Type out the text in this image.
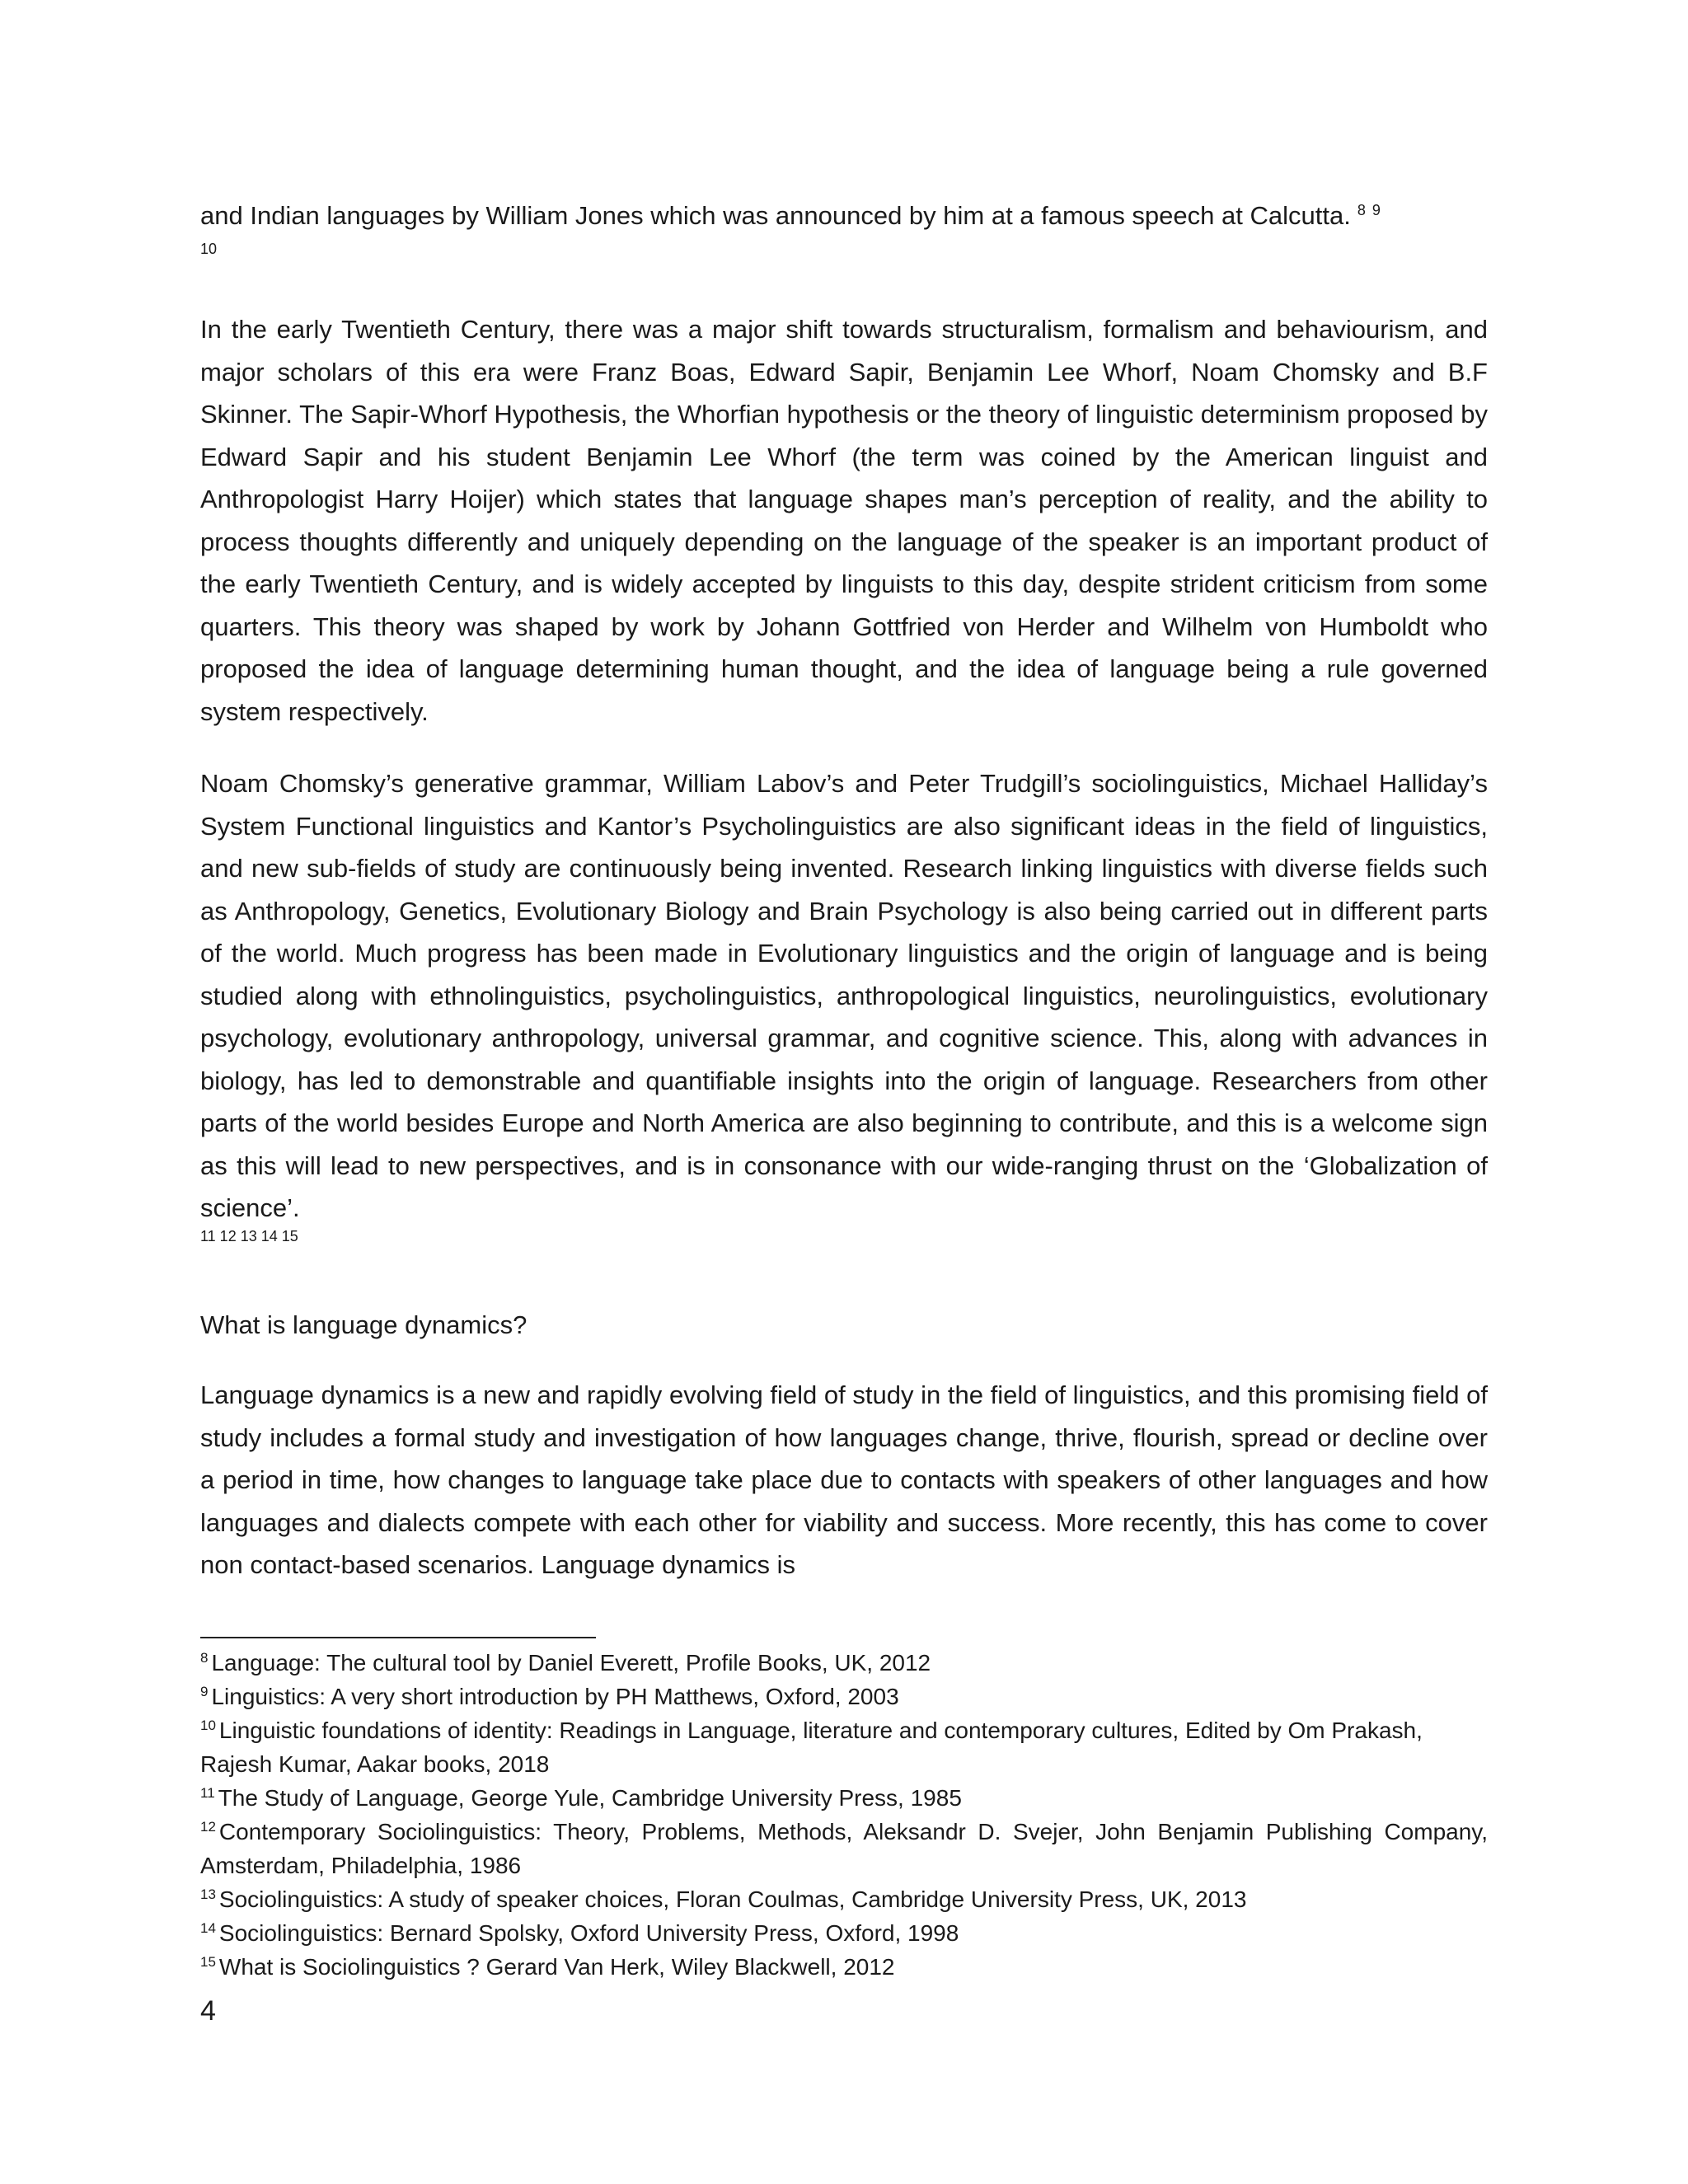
and Indian languages by William Jones which was announced by him at a famous speech at Calcutta. $^8$ $^9$

10

In the early Twentieth Century, there was a major shift towards structuralism, formalism and behaviourism, and major scholars of this era were Franz Boas, Edward Sapir, Benjamin Lee Whorf, Noam Chomsky and B.F Skinner. The Sapir-Whorf Hypothesis, the Whorfian hypothesis or the theory of linguistic determinism proposed by Edward Sapir and his student Benjamin Lee Whorf (the term was coined by the American linguist and Anthropologist Harry Hoijer) which states that language shapes man’s perception of reality, and the ability to process thoughts differently and uniquely depending on the language of the speaker is an important product of the early Twentieth Century, and is widely accepted by linguists to this day, despite strident criticism from some quarters. This theory was shaped by work by Johann Gottfried von Herder and Wilhelm von Humboldt who proposed the idea of language determining human thought, and the idea of language being a rule governed system respectively.

Noam Chomsky’s generative grammar, William Labov’s and Peter Trudgill’s sociolinguistics, Michael Halliday’s System Functional linguistics and Kantor’s Psycholinguistics are also significant ideas in the field of linguistics, and new sub-fields of study are continuously being invented. Research linking linguistics with diverse fields such as Anthropology, Genetics, Evolutionary Biology and Brain Psychology is also being carried out in different parts of the world. Much progress has been made in Evolutionary linguistics and the origin of language and is being studied along with ethnolinguistics, psycholinguistics, anthropological linguistics, neurolinguistics, evolutionary psychology, evolutionary anthropology, universal grammar, and cognitive science. This, along with advances in biology, has led to demonstrable and quantifiable insights into the origin of language. Researchers from other parts of the world besides Europe and North America are also beginning to contribute, and this is a welcome sign as this will lead to new perspectives, and is in consonance with our wide-ranging thrust on the ‘Globalization of science’.

11 12 13 14 15

What is language dynamics?

Language dynamics is a new and rapidly evolving field of study in the field of linguistics, and this promising field of study includes a formal study and investigation of how languages change, thrive, flourish, spread or decline over a period in time, how changes to language take place due to contacts with speakers of other languages and how languages and dialects compete with each other for viability and success. More recently, this has come to cover non contact-based scenarios. Language dynamics is

$^8$ Language: The cultural tool by Daniel Everett, Profile Books, UK, 2012

$^9$ Linguistics: A very short introduction by PH Matthews, Oxford, 2003

$^{10}$ Linguistic foundations of identity: Readings in Language, literature and contemporary cultures, Edited by Om Prakash, Rajesh Kumar, Aakar books, 2018

$^{11}$ The Study of Language, George Yule, Cambridge University Press, 1985

$^{12}$ Contemporary Sociolinguistics: Theory, Problems, Methods, Aleksandr D. Svejer, John Benjamin Publishing Company, Amsterdam, Philadelphia, 1986

$^{13}$ Sociolinguistics: A study of speaker choices, Floran Coulmas, Cambridge University Press, UK, 2013

$^{14}$ Sociolinguistics: Bernard Spolsky, Oxford University Press, Oxford, 1998

$^{15}$ What is Sociolinguistics ? Gerard Van Herk, Wiley Blackwell, 2012

4
